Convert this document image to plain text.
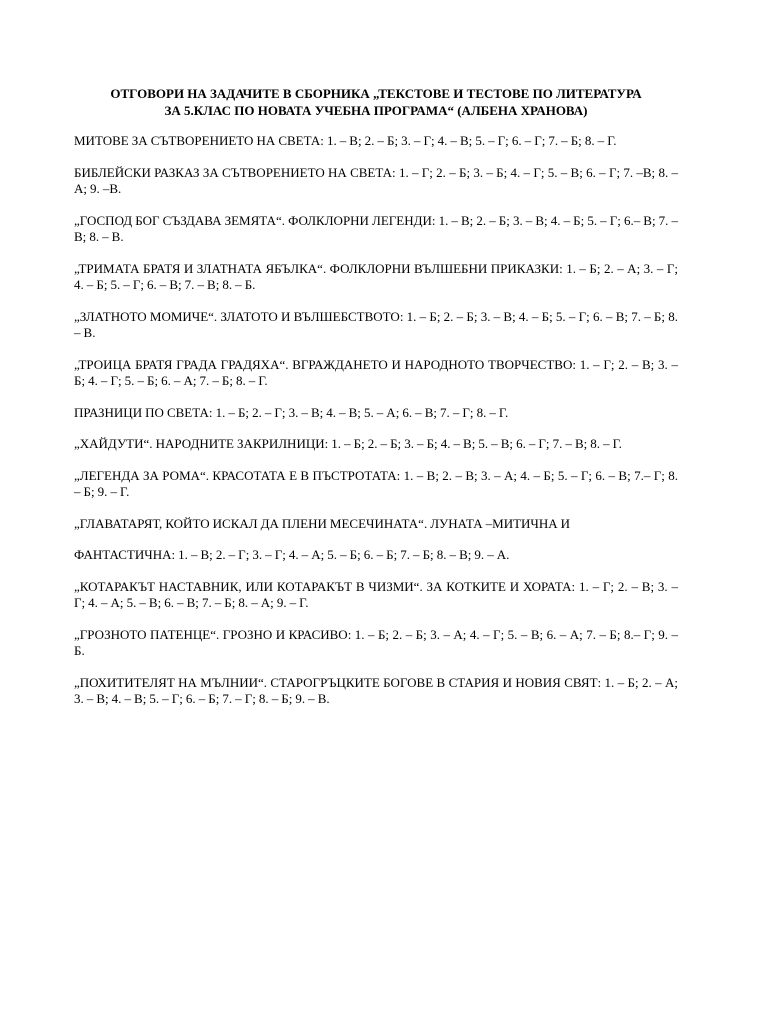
ОТГОВОРИ НА ЗАДАЧИТЕ В СБОРНИКА „ТЕКСТОВЕ И ТЕСТОВЕ ПО ЛИТЕРАТУРА
ЗА 5.КЛАС ПО НОВАТА УЧЕБНА ПРОГРАМА“ (АЛБЕНА ХРАНОВА)

МИТОВЕ ЗА СЪТВОРЕНИЕТО НА СВЕТА: 1. – В; 2. – Б; 3. – Г; 4. – В; 5. – Г; 6. – Г; 7. – Б; 8. – Г.

БИБЛЕЙСКИ РАЗКАЗ ЗА СЪТВОРЕНИЕТО НА СВЕТА: 1. – Г; 2. – Б; 3. – Б; 4. – Г; 5. – В; 6. – Г; 7. –В; 8. – А; 9. –В.

„ГОСПОД БОГ СЪЗДАВА ЗЕМЯТА“. ФОЛКЛОРНИ ЛЕГЕНДИ: 1. – В; 2. – Б; 3. – В; 4. – Б; 5. – Г; 6.– В; 7. – В; 8. – В.

„ТРИМАТА БРАТЯ И ЗЛАТНАТА ЯБЪЛКА“. ФОЛКЛОРНИ ВЪЛШЕБНИ ПРИКАЗКИ: 1. – Б; 2. – А; 3. – Г; 4. – Б; 5. – Г; 6. – В; 7. – В; 8. – Б.

„ЗЛАТНОТО МОМИЧЕ“. ЗЛАТОТО И ВЪЛШЕБСТВОТО: 1. – Б; 2. – Б; 3. – В; 4. – Б; 5. – Г; 6. – В; 7. – Б; 8. – В.

„ТРОИЦА БРАТЯ ГРАДА ГРАДЯХА“. ВГРАЖДАНЕТО И НАРОДНОТО ТВОРЧЕСТВО: 1. – Г; 2. – В; 3. – Б; 4. – Г; 5. – Б; 6. – А; 7. – Б; 8. – Г.

ПРАЗНИЦИ ПО СВЕТА: 1. – Б; 2. – Г; 3. – В; 4. – В; 5. – А; 6. – В; 7. – Г; 8. – Г.

„ХАЙДУТИ“. НАРОДНИТЕ ЗАКРИЛНИЦИ: 1. – Б; 2. – Б; 3. – Б; 4. – В; 5. – В; 6. – Г; 7. – В; 8. – Г.

„ЛЕГЕНДА ЗА РОМА“. КРАСОТАТА Е В ПЪСТРОТАТА: 1. – В; 2. – В; 3. – А; 4. – Б; 5. – Г; 6. – В; 7.– Г; 8. – Б; 9. – Г.

„ГЛАВАТАРЯТ, КОЙТО ИСКАЛ ДА ПЛЕНИ МЕСЕЧИНАТА“. ЛУНАТА –МИТИЧНА И

ФАНТАСТИЧНА: 1. – В; 2. – Г; 3. – Г; 4. – А; 5. – Б; 6. – Б; 7. – Б; 8. – В; 9. – А.

„КОТАРАКЪТ НАСТАВНИК, ИЛИ КОТАРАКЪТ В ЧИЗМИ“. ЗА КОТКИТЕ И ХОРАТА: 1. – Г; 2. – В; 3. – Г; 4. – А; 5. – В; 6. – В; 7. – Б; 8. – А; 9. – Г.

„ГРОЗНОТО ПАТЕНЦЕ“. ГРОЗНО И КРАСИВО: 1. – Б; 2. – Б; 3. – А; 4. – Г; 5. – В; 6. – А; 7. – Б; 8.– Г; 9. – Б.

„ПОХИТИТЕЛЯТ НА МЪЛНИИ“. СТАРОГРЪЦКИТЕ БОГОВЕ В СТАРИЯ И НОВИЯ СВЯТ: 1. – Б; 2. – А; 3. – В; 4. – В; 5. – Г; 6. – Б; 7. – Г; 8. – Б; 9. – В.
